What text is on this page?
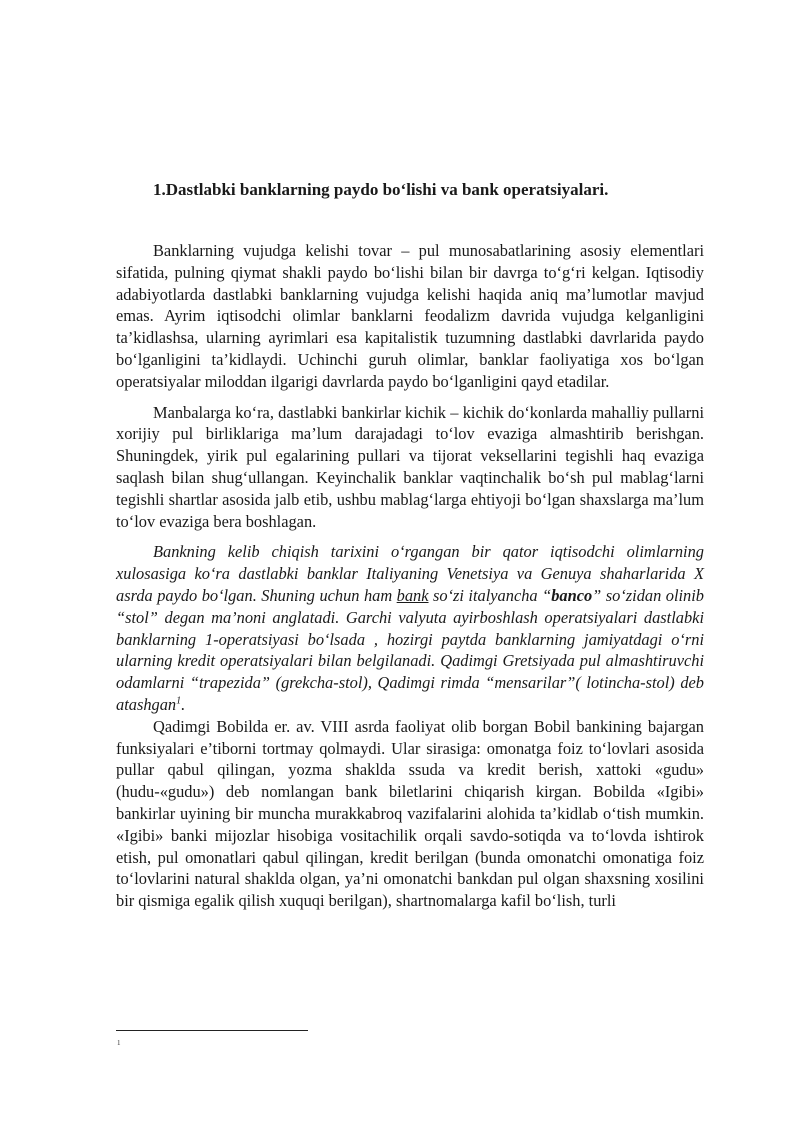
1.Dastlabki banklarning paydo bo‘lishi va bank operatsiyalari.

Banklarning vujudga kelishi tovar – pul munosabatlarining asosiy elementlari sifatida, pulning qiymat shakli paydo bo‘lishi bilan bir davrga to‘g‘ri kelgan. Iqtisodiy adabiyotlarda dastlabki banklarning vujudga kelishi haqida aniq ma’lumotlar mavjud emas. Ayrim iqtisodchi olimlar banklarni feodalizm davrida vujudga kelganligini ta’kidlashsa, ularning ayrimlari esa kapitalistik tuzumning dastlabki davrlarida paydo bo‘lganligini ta’kidlaydi. Uchinchi guruh olimlar, banklar faoliyatiga xos bo‘lgan operatsiyalar miloddan ilgarigi davrlarda paydo bo‘lganligini qayd etadilar.

Manbalarga ko‘ra, dastlabki bankirlar kichik – kichik do‘konlarda mahalliy pullarni xorijiy pul birliklariga ma’lum darajadagi to‘lov evaziga almashtirib berishgan. Shuningdek, yirik pul egalarining pullari va tijorat veksellarini tegishli haq evaziga saqlash bilan shug‘ullangan. Keyinchalik banklar vaqtinchalik bo‘sh pul mablag‘larni tegishli shartlar asosida jalb etib, ushbu mablag‘larga ehtiyoji bo‘lgan shaxslarga ma’lum to‘lov evaziga bera boshlagan.

Bankning kelib chiqish tarixini o‘rgangan bir qator iqtisodchi olimlarning xulosasiga ko‘ra dastlabki banklar Italiyaning Venetsiya va Genuya shaharlarida X asrda paydo bo‘lgan. Shuning uchun ham bank so‘zi italyancha “banco” so‘zidan olinib “stol” degan ma’noni anglatadi. Garchi valyuta ayirboshlash operatsiyalari dastlabki banklarning 1-operatsiyasi bo‘lsada , hozirgi paytda banklarning jamiyatdagi o‘rni ularning kredit operatsiyalari bilan belgilanadi. Qadimgi Gretsiyada pul almashtiruvchi odamlarni “trapezida” (grekcha-stol), Qadimgi rimda “mensarilar”( lotincha-stol) deb atashgan$^1$.

Qadimgi Bobilda er. av. VIII asrda faoliyat olib borgan Bobil bankining bajargan funksiyalari e’tiborni tortmay qolmaydi. Ular sirasiga: omonatga foiz to‘lovlari asosida pullar qabul qilingan, yozma shaklda ssuda va kredit berish, xattoki «gudu» (hudu-«gudu») deb nomlangan bank biletlarini chiqarish kirgan. Bobilda «Igibi» bankirlar uyining bir muncha murakkabroq vazifalarini alohida ta’kidlab o‘tish mumkin. «Igibi» banki mijozlar hisobiga vositachilik orqali savdo-sotiqda va to‘lovda ishtirok etish, pul omonatlari qabul qilingan, kredit berilgan (bunda omonatchi omonatiga foiz to‘lovlarini natural shaklda olgan, ya’ni omonatchi bankdan pul olgan shaxsning xosilini bir qismiga egalik qilish xuquqi berilgan), shartnomalarga kafil bo‘lish, turli

1
